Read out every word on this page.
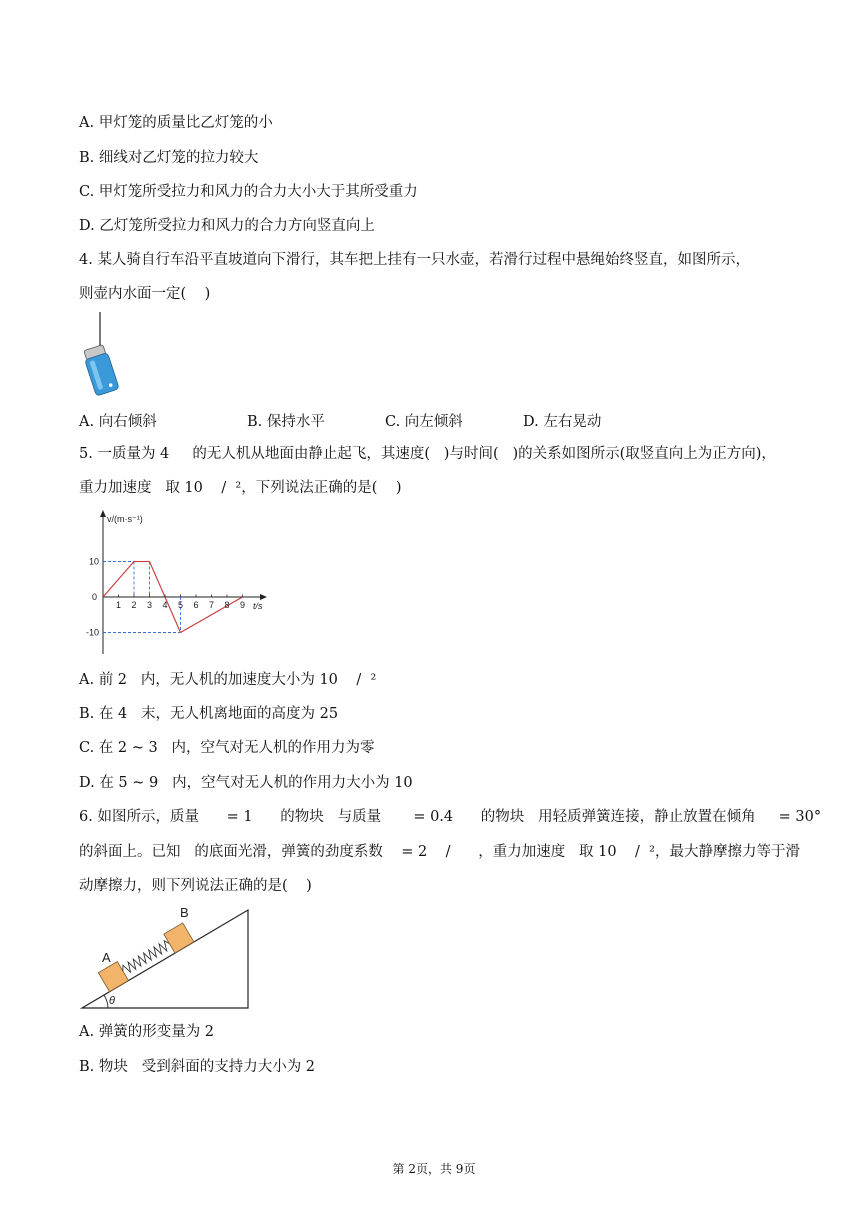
A. 甲灯笼的质量比乙灯笼的小
B. 细线对乙灯笼的拉力较大
C. 甲灯笼所受拉力和风力的合力大小大于其所受重力
D. 乙灯笼所受拉力和风力的合力方向竖直向上
4. 某人骑自行车沿平直坡道向下滑行，其车把上挂有一只水壶，若滑行过程中悬绳始终竖直，如图所示，
则壶内水面一定(    )
A. 向右倾斜	B. 保持水平	C. 向左倾斜	D. 左右晃动
5. 一质量为 4     的无人机从地面由静止起飞，其速度(   )与时间(   )的关系如图所示(取竖直向上为正方向)，
重力加速度   取 10    /  ²，下列说法正确的是(    )
v/(m·s⁻¹)
t/s
1 2 3 4 5 6 7 8 9
10
0
-10
A. 前 2   内，无人机的加速度大小为 10    /  ²
B. 在 4   末，无人机离地面的高度为 25
C. 在 2 ~ 3   内，空气对无人机的作用力为零
D. 在 5 ~ 9   内，空气对无人机的作用力大小为 10
6. 如图所示，质量      = 1      的物块   与质量       = 0.4      的物块   用轻质弹簧连接，静止放置在倾角     = 30°
的斜面上。已知   的底面光滑，弹簧的劲度系数    = 2    /      ，重力加速度   取 10    /  ²，最大静摩擦力等于滑
动摩擦力，则下列说法正确的是(    )
θ
A
B
A. 弹簧的形变量为 2
B. 物块   受到斜面的支持力大小为 2
第 2页，共 9页
